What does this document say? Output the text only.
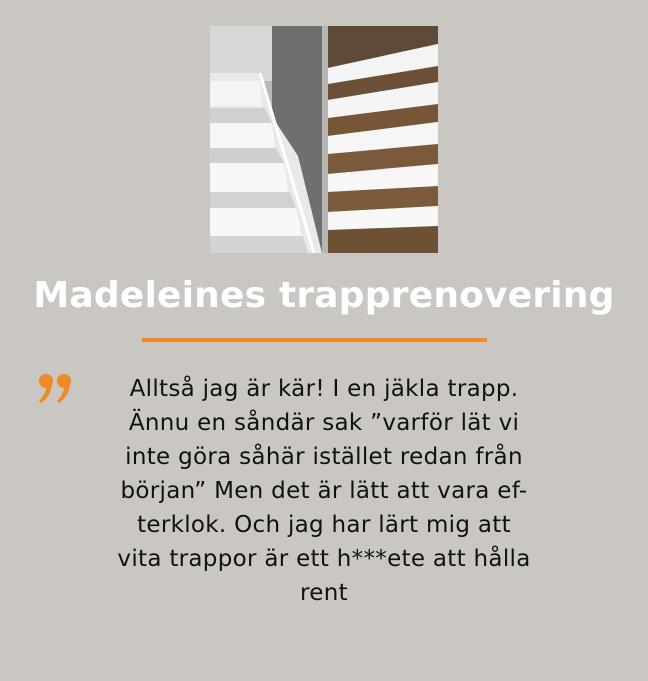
Madeleines trapprenovering
Alltså jag är kär! I en jäkla trapp.
Ännu en såndär sak ”varför lät vi
inte göra såhär istället redan från
början” Men det är lätt att vara ef-
terklok. Och jag har lärt mig att
vita trappor är ett h***ete att hålla
rent
